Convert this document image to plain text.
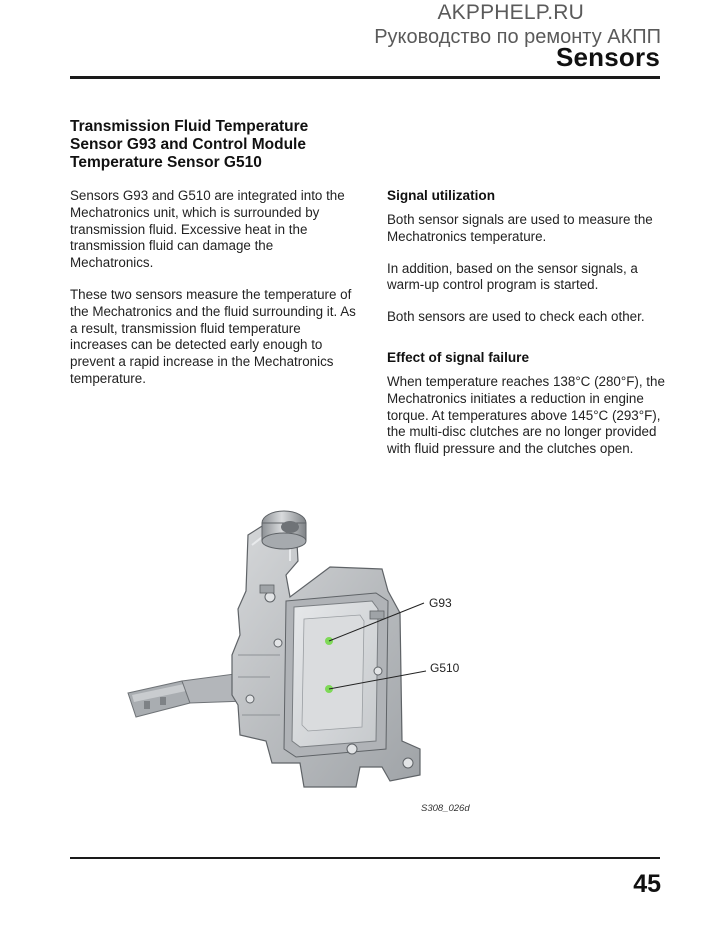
AKPPHELP.RU
Руководство по ремонту АКПП
Sensors
Transmission Fluid Temperature Sensor G93 and Control Module Temperature Sensor G510

Sensors G93 and G510 are integrated into the Mechatronics unit, which is surrounded by transmission fluid. Excessive heat in the transmission fluid can damage the Mechatronics.

These two sensors measure the temperature of the Mechatronics and the fluid surrounding it. As a result, transmission fluid temperature increases can be detected early enough to prevent a rapid increase in the Mechatronics temperature.

Signal utilization

Both sensor signals are used to measure the Mechatronics temperature.

In addition, based on the sensor signals, a warm-up control program is started.

Both sensors are used to check each other.

Effect of signal failure

When temperature reaches 138°C (280°F), the Mechatronics initiates a reduction in engine torque. At temperatures above 145°C (293°F), the multi-disc clutches are no longer provided with fluid pressure and the clutches open.

G93
G510
S308_026d
45
